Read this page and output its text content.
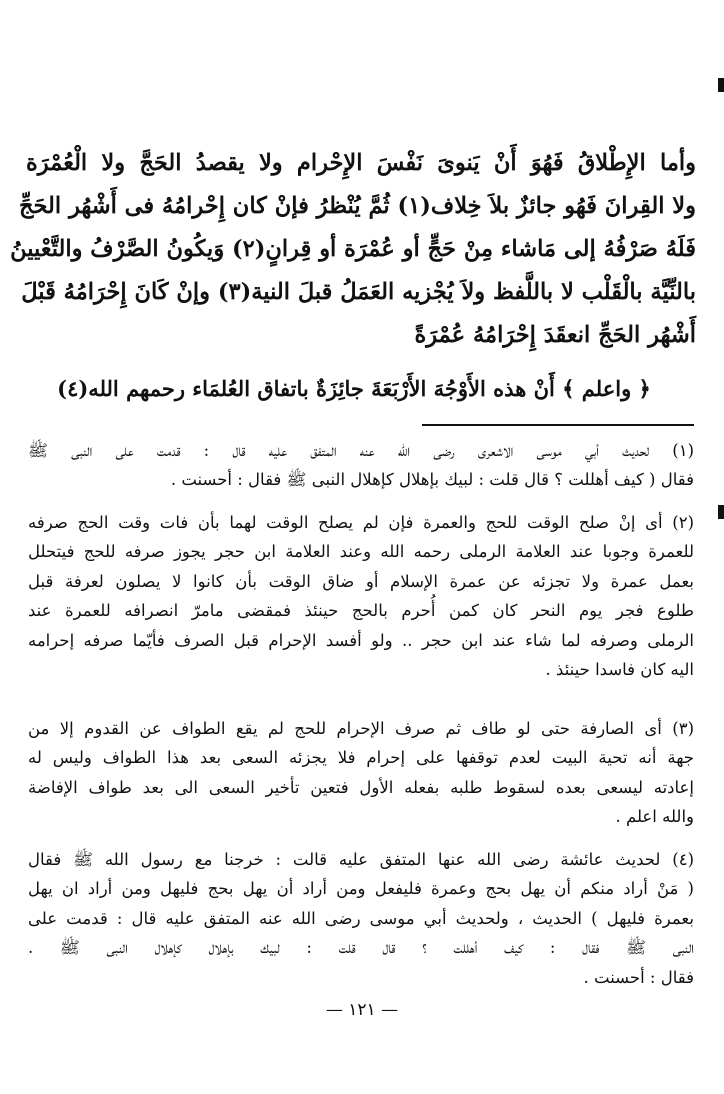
وأما الإِطْلاقُ فَهُوَ أَنْ يَنوىَ نَفْسَ الإِحْرام ولا يقصدُ الحَجَّ ولا الْعُمْرَة
ولا القِرانَ فَهُو جائزٌ بلاَ خِلاف(١) ثُمَّ يُنْظرُ فإنْ كان إِحْرامُهُ فى أَشْهُر الحَجِّ
فَلَهُ صَرْفُهُ إلى مَاشاء مِنْ حَجٍّ أو عُمْرَة أو قِرانٍ(٢) وَيكُونُ الصَّرْفُ والتَّعْيينُ
بالنِّيَّة بالْقَلْب لا باللَّفظ ولاَ يُجْزيه العَمَلُ قبلَ النية(٣) وإنْ كَانَ إِحْرَامُهُ قَبْلَ
أَشْهُر الحَجِّ انعقَدَ إِحْرَامُهُ عُمْرَةً
﴿ واعلم ﴾ أَنْ هذه الأَوْجُهَ الأَرْبَعَةَ جائِزَةٌ باتفاق العُلمَاء رحمهم الله(٤)
(١) لحديث أبي موسى الاشعرى رضى الله عنه المتفق عليه قال : قدمت على النبى ﷺ
فقال ( كيف أهللت ؟ قال قلت : لبيك بإهلال كإهلال النبى ﷺ فقال : أحسنت .
(٢) أى إنْ صلح الوقت للحج والعمرة فإن لم يصلح الوقت لهما بأن فات وقت الحج صرفه
للعمرة وجوبا عند العلامة الرملى رحمه الله وعند العلامة ابن حجر يجوز صرفه للحج فيتحلل
بعمل عمرة ولا تجزئه عن عمرة الإسلام أو ضاق الوقت بأن كانوا لا يصلون لعرفة قبل
طلوع فجر يوم النحر كان كمن أُحرم بالحج حينئذ فمقضى مامرّ انصرافه للعمرة عند
الرملى وصرفه لما شاء عند ابن حجر .. ولو أفسد الإحرام قبل الصرف فأيّما صرفه إحرامه
اليه كان فاسدا حينئذ .
(٣) أى الصارفة حتى لو طاف ثم صرف الإحرام للحج لم يقع الطواف عن القدوم إلا من
جهة أنه تحية البيت لعدم توقفها على إحرام فلا يجزئه السعى بعد هذا الطواف وليس له
إعادته ليسعى بعده لسقوط طلبه بفعله الأول فتعين تأخير السعى الى بعد طواف الإفاضة
والله اعلم .
(٤) لحديث عائشة رضى الله عنها المتفق عليه قالت : خرجنا مع رسول الله ﷺ فقال
( مَنْ أراد منكم أن يهل بحج وعمرة فليفعل ومن أراد أن يهل بحج فليهل ومن أراد ان يهل
بعمرة فليهل ) الحديث ، ولحديث أبي موسى رضى الله عنه المتفق عليه قال : قدمت على
النبى ﷺ فقال : كيف أهللت ؟ قال قلت : لبيك بإهلال كإهلال النبى ﷺ .
فقال : أحسنت .
— ١٢١ —
